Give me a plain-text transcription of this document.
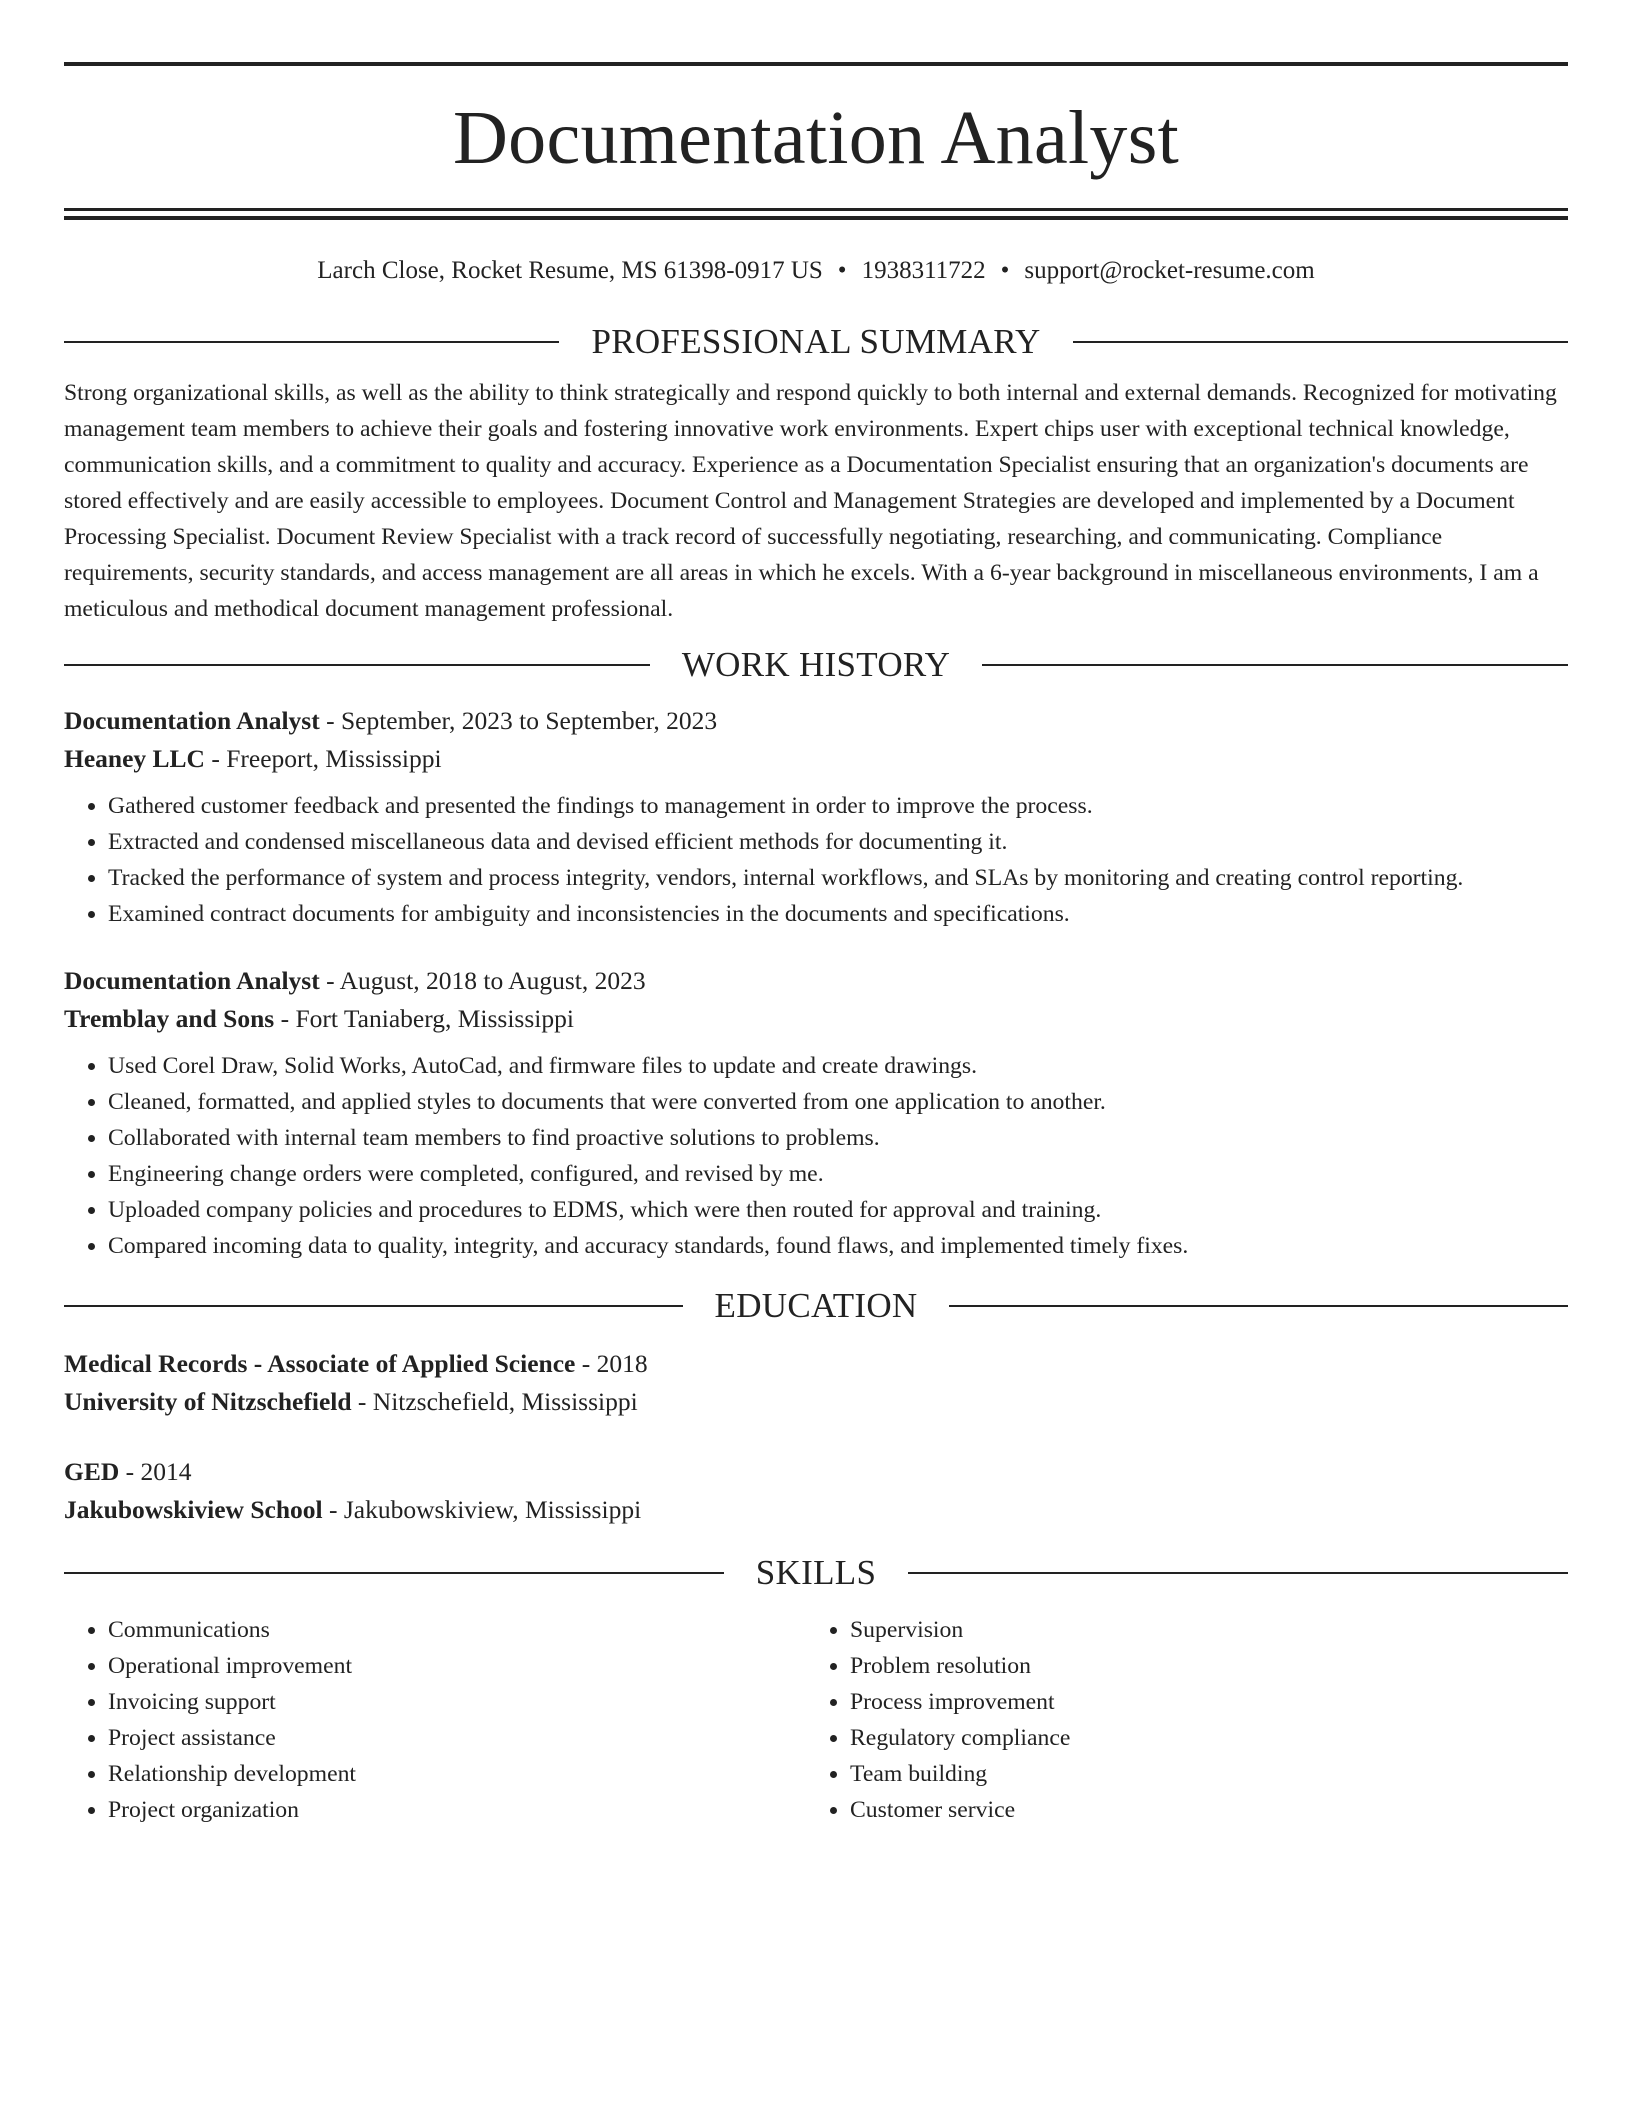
Documentation Analyst
Larch Close, Rocket Resume, MS 61398-0917 US • 1938311722 • support@rocket-resume.com
PROFESSIONAL SUMMARY

Strong organizational skills, as well as the ability to think strategically and respond quickly to both internal and external demands. Recognized for motivating management team members to achieve their goals and fostering innovative work environments. Expert chips user with exceptional technical knowledge, communication skills, and a commitment to quality and accuracy. Experience as a Documentation Specialist ensuring that an organization's documents are stored effectively and are easily accessible to employees. Document Control and Management Strategies are developed and implemented by a Document Processing Specialist. Document Review Specialist with a track record of successfully negotiating, researching, and communicating. Compliance requirements, security standards, and access management are all areas in which he excels. With a 6-year background in miscellaneous environments, I am a meticulous and methodical document management professional.

WORK HISTORY
Documentation Analyst - September, 2023 to September, 2023
Heaney LLC - Freeport, Mississippi
• Gathered customer feedback and presented the findings to management in order to improve the process.
• Extracted and condensed miscellaneous data and devised efficient methods for documenting it.
• Tracked the performance of system and process integrity, vendors, internal workflows, and SLAs by monitoring and creating control reporting.
• Examined contract documents for ambiguity and inconsistencies in the documents and specifications.
Documentation Analyst - August, 2018 to August, 2023
Tremblay and Sons - Fort Taniaberg, Mississippi
• Used Corel Draw, Solid Works, AutoCad, and firmware files to update and create drawings.
• Cleaned, formatted, and applied styles to documents that were converted from one application to another.
• Collaborated with internal team members to find proactive solutions to problems.
• Engineering change orders were completed, configured, and revised by me.
• Uploaded company policies and procedures to EDMS, which were then routed for approval and training.
• Compared incoming data to quality, integrity, and accuracy standards, found flaws, and implemented timely fixes.
EDUCATION
Medical Records - Associate of Applied Science - 2018
University of Nitzschefield - Nitzschefield, Mississippi
GED - 2014
Jakubowskiview School - Jakubowskiview, Mississippi
SKILLS
• Communications
• Operational improvement
• Invoicing support
• Project assistance
• Relationship development
• Project organization
• Supervision
• Problem resolution
• Process improvement
• Regulatory compliance
• Team building
• Customer service
